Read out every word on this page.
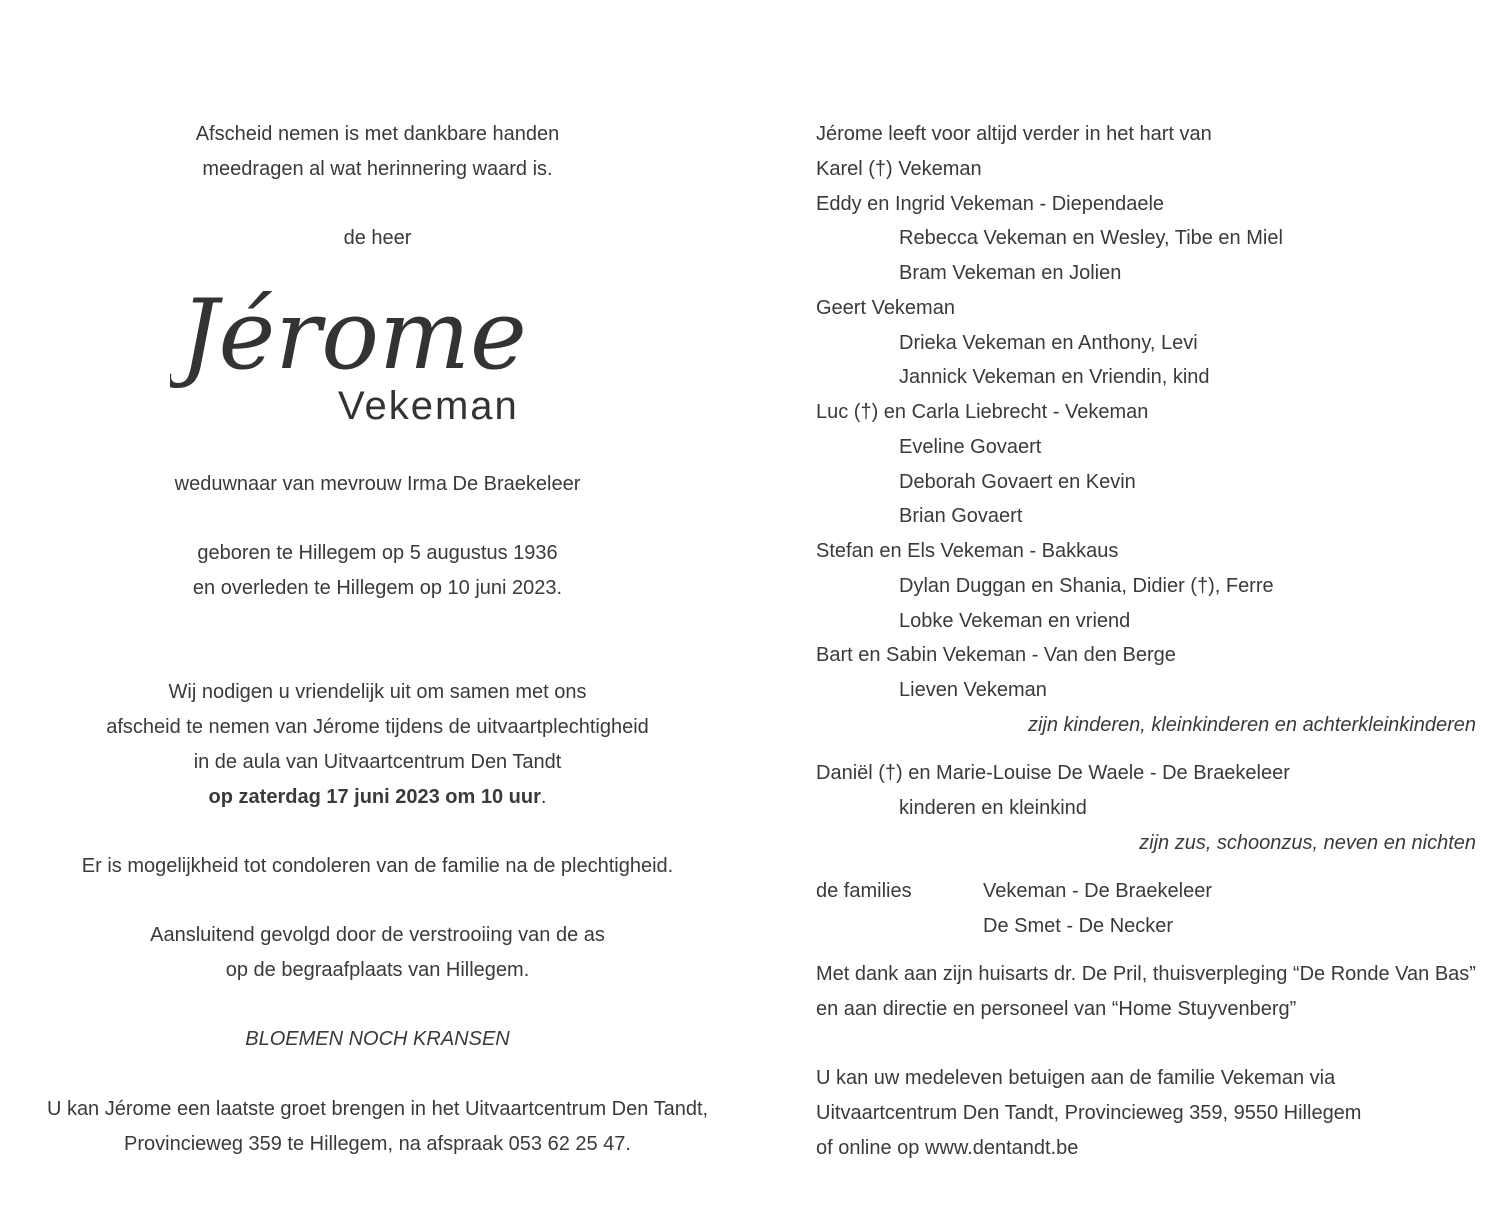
Afscheid nemen is met dankbare handen
meedragen al wat herinnering waard is.
de heer
Jérome
Vekeman
weduwnaar van mevrouw Irma De Braekeleer
geboren te Hillegem op 5 augustus 1936
en overleden te Hillegem op 10 juni 2023.
Wij nodigen u vriendelijk uit om samen met ons
afscheid te nemen van Jérome tijdens de uitvaartplechtigheid
in de aula van Uitvaartcentrum Den Tandt
op zaterdag 17 juni 2023 om 10 uur.
Er is mogelijkheid tot condoleren van de familie na de plechtigheid.
Aansluitend gevolgd door de verstrooiing van de as
op de begraafplaats van Hillegem.
BLOEMEN NOCH KRANSEN
U kan Jérome een laatste groet brengen in het Uitvaartcentrum Den Tandt,
Provincieweg 359 te Hillegem, na afspraak 053 62 25 47.
Jérome leeft voor altijd verder in het hart van
Karel (†) Vekeman
Eddy en Ingrid Vekeman - Diependaele
Rebecca Vekeman en Wesley, Tibe en Miel
Bram Vekeman en Jolien
Geert Vekeman
Drieka Vekeman en Anthony, Levi
Jannick Vekeman en Vriendin, kind
Luc (†) en Carla Liebrecht - Vekeman
Eveline Govaert
Deborah Govaert en Kevin
Brian Govaert
Stefan en Els Vekeman - Bakkaus
Dylan Duggan en Shania, Didier (†), Ferre
Lobke Vekeman en vriend
Bart en Sabin Vekeman - Van den Berge
Lieven Vekeman
zijn kinderen, kleinkinderen en achterkleinkinderen
Daniël (†) en Marie-Louise De Waele - De Braekeleer
kinderen en kleinkind
zijn zus, schoonzus, neven en nichten
de families	Vekeman - De Braekeleer
De Smet - De Necker
Met dank aan zijn huisarts dr. De Pril, thuisverpleging “De Ronde Van Bas”
en aan directie en personeel van “Home Stuyvenberg”
U kan uw medeleven betuigen aan de familie Vekeman via
Uitvaartcentrum Den Tandt, Provincieweg 359, 9550 Hillegem
of online op www.dentandt.be
